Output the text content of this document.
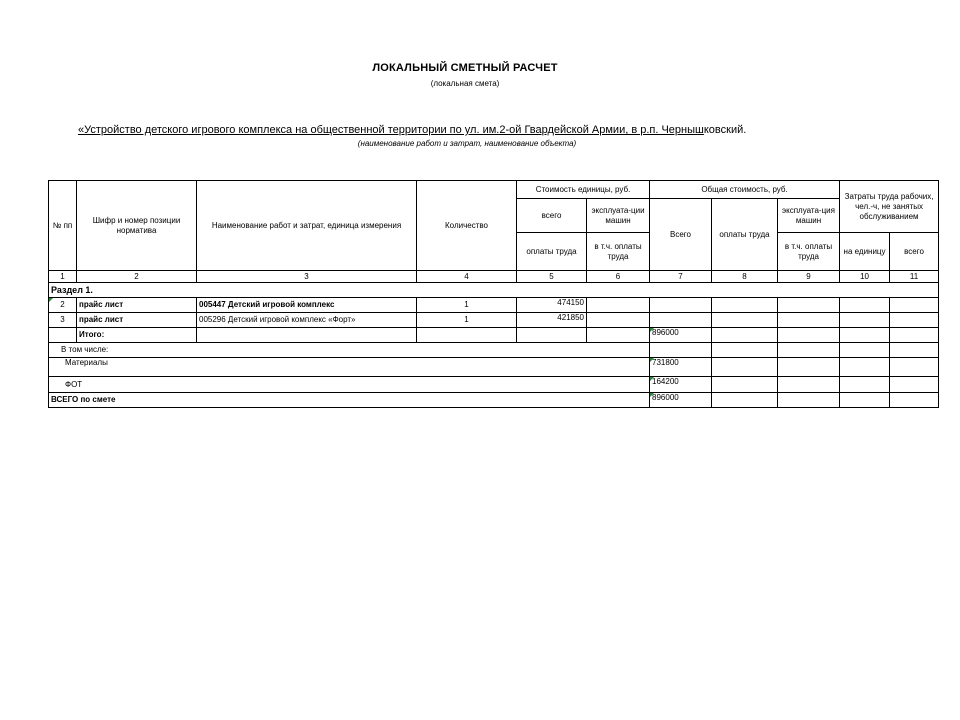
ЛОКАЛЬНЫЙ СМЕТНЫЙ РАСЧЕТ
(локальная смета)
«Устройство детского игрового комплекса на общественной территории по ул. им.2-ой Гвардейской Армии, в р.п. Чернышковский.
(наименование работ и затрат, наименование объекта)
№ пп	Шифр и номер позиции норматива	Наименование работ и затрат, единица измерения	Количество	Стоимость единицы, руб.		Общая стоимость, руб.			Затраты труда рабочих, чел.-ч, не занятых обслуживанием	
				всего	эксплуата-ции машин	Всего	оплаты труда	эксплуата-ция машин		
				оплаты труда	в т.ч. оплаты труда			в т.ч. оплаты труда	на единицу	всего
1	2	3	4	5	6	7	8	9	10	11
Раздел 1.										
2	прайс лист	005447 Детский игровой комплекс	1	474150						
3	прайс лист	005296 Детский игровой комплекс «Форт»	1	421850						
	Итого:					896000				
В том числе:										
Материалы						731800				
ФОТ						164200				
ВСЕГО по смете						896000				
